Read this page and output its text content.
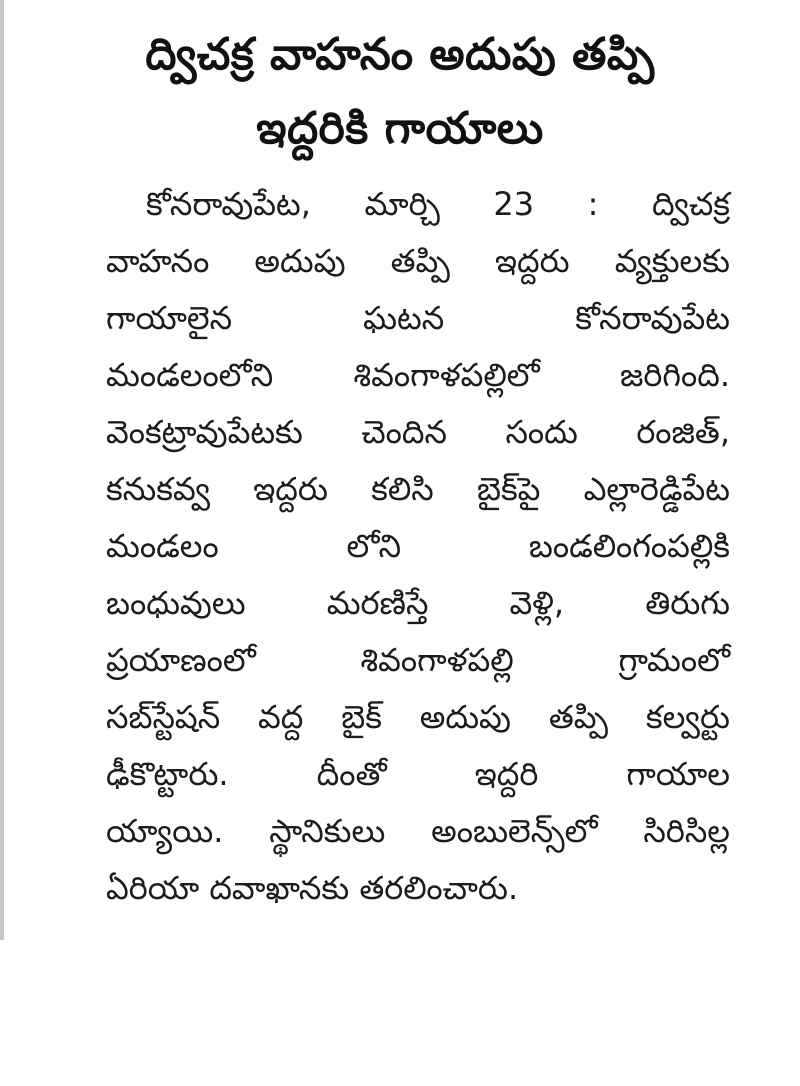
ద్విచక్ర వాహనం అదుపు తప్పి
ఇద్దరికి గాయాలు
కోనరావుపేట, మార్చి 23 : ద్విచక్ర
వాహనం అదుపు తప్పి ఇద్దరు వ్యక్తులకు
గాయాలైన ఘటన కోనరావుపేట
మండలంలోని శివంగాళపల్లిలో జరిగింది.
వెంకట్రావుపేటకు చెందిన సందు రంజిత్,
కనుకవ్వ ఇద్దరు కలిసి బైక్‌పై ఎల్లారెడ్డిపేట
మండలం లోని బండలింగంపల్లికి
బంధువులు మరణిస్తే వెళ్లి, తిరుగు
ప్రయాణంలో శివంగాళపల్లి గ్రామంలో
సబ్‌స్టేషన్ వద్ద బైక్ అదుపు తప్పి కల్వర్టు
ఢీకొట్టారు. దీంతో ఇద్దరి గాయాల
య్యాయి. స్థానికులు అంబులెన్స్‌లో సిరిసిల్ల
ఏరియా దవాఖానకు తరలించారు.
